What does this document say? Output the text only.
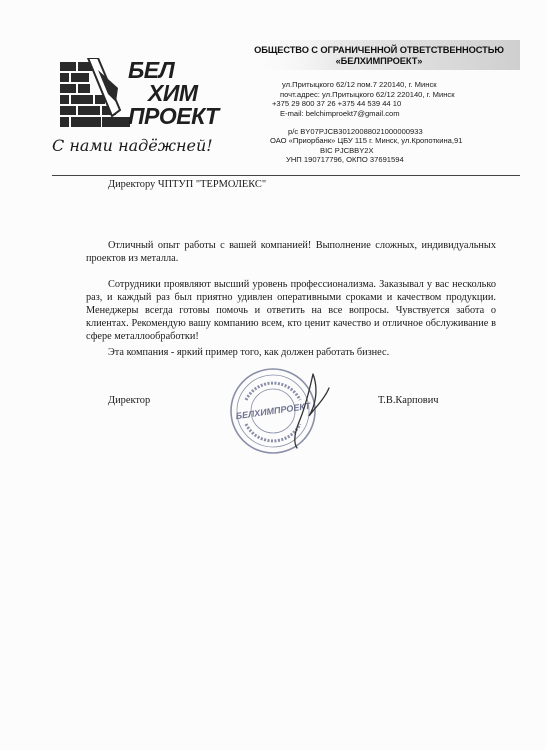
ОБЩЕСТВО С ОГРАНИЧЕННОЙ ОТВЕТСТВЕННОСТЬЮ
«БЕЛХИМПРОЕКТ»
ул.Притыцкого 62/12 пом.7 220140, г. Минск
почт.адрес: ул.Притыцкого 62/12 220140, г. Минск
+375 29 800 37 26 +375 44 539 44 10
E-mail: belchimproekt7@gmail.com
р/с BY07PJCB30120088021000000933
ОАО «Приорбанк» ЦБУ 115 г. Минск, ул.Кропоткина,91
BIC PJCBBY2X
УНП 190717796, ОКПО 37691594
БЕЛ
ХИМ
ПРОЕКТ
С нами надёжней!
Директору ЧПТУП "ТЕРМОЛЕКС"

Отличный опыт работы с вашей компанией! Выполнение сложных, индивидуальных проектов из металла.

Сотрудники проявляют высший уровень профессионализма. Заказывал у вас несколько раз, и каждый раз был приятно удивлен оперативными сроками и качеством продукции. Менеджеры всегда готовы помочь и ответить на все вопросы. Чувствуется забота о клиентах. Рекомендую вашу компанию всем, кто ценит качество и отличное обслуживание в сфере металлообработки!

Эта компания - яркий пример того, как должен работать бизнес.

Директор	Т.В.Карпович
БЕЛХИМПРОЕКТ
